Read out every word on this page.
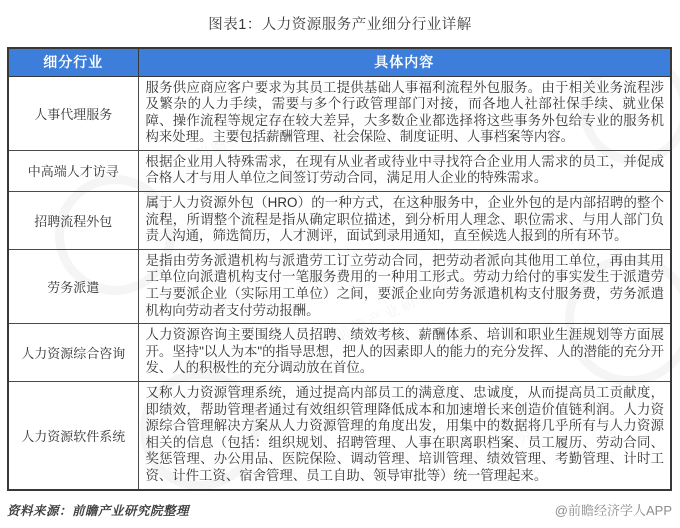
前瞻产业研究院
前瞻产业研究院
前瞻产业研究院
图表1：人力资源服务产业细分行业详解
细分行业	具体内容
人事代理服务	服务供应商应客户要求为其员工提供基础人事福利流程外包服务。由于相关业务流程涉及繁杂的人力手续，需要与多个行政管理部门对接，而各地人社部社保手续、就业保障、操作流程等规定存在较大差异，大多数企业都选择将这些事务外包给专业的服务机构来处理。主要包括薪酬管理、社会保险、制度证明、人事档案等内容。
中高端人才访寻	根据企业用人特殊需求，在现有从业者或待业中寻找符合企业用人需求的员工，并促成合格人才与用人单位之间签订劳动合同，满足用人企业的特殊需求。
招聘流程外包	属于人力资源外包（HRO）的一种方式，在这种服务中，企业外包的是内部招聘的整个流程，所谓整个流程是指从确定职位描述，到分析用人理念、职位需求、与用人部门负责人沟通，筛选简历，人才测评，面试到录用通知，直至候选人报到的所有环节。
劳务派遣	是指由劳务派遣机构与派遣劳工订立劳动合同，把劳动者派向其他用工单位，再由其用工单位向派遣机构支付一笔服务费用的一种用工形式。劳动力给付的事实发生于派遣劳工与要派企业（实际用工单位）之间，要派企业向劳务派遣机构支付服务费，劳务派遣机构向劳动者支付劳动报酬。
人力资源综合咨询	人力资源咨询主要围绕人员招聘、绩效考核、薪酬体系、培训和职业生涯规划等方面展开。坚持"以人为本"的指导思想，把人的因素即人的能力的充分发挥、人的潜能的充分开发、人的积极性的充分调动放在首位。
人力资源软件系统	又称人力资源管理系统，通过提高内部员工的满意度、忠诚度，从而提高员工贡献度，即绩效，帮助管理者通过有效组织管理降低成本和加速增长来创造价值链利润。人力资源综合管理解决方案从人力资源管理的角度出发，用集中的数据将几乎所有与人力资源相关的信息（包括：组织规划、招聘管理、人事在职离职档案、员工履历、劳动合同、奖惩管理、办公用品、医院保险、调动管理、培训管理、绩效管理、考勤管理、计时工资、计件工资、宿舍管理、员工自助、领导审批等）统一管理起来。
资料来源：前瞻产业研究院整理	@前瞻经济学人APP
